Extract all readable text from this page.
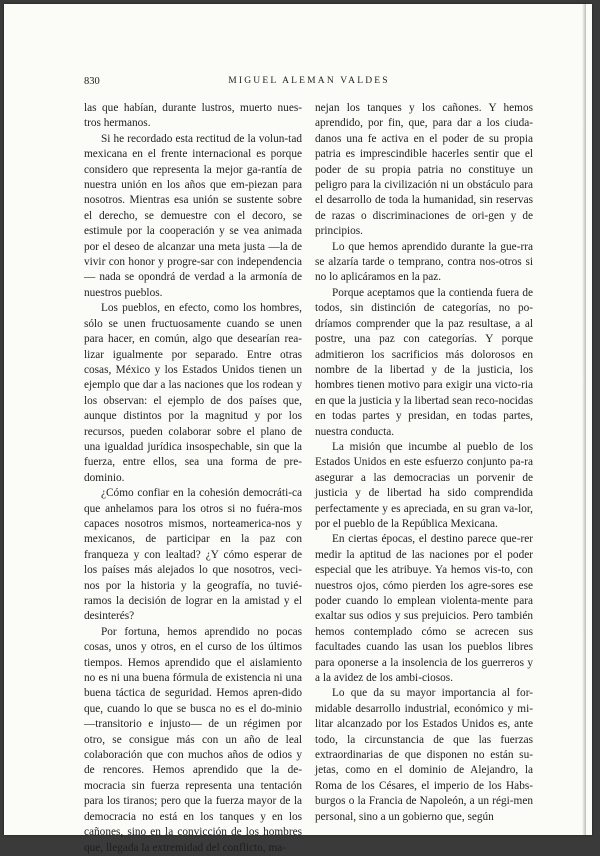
830	MIGUEL ALEMAN VALDES

las que habían, durante lustros, muerto nues-tros hermanos.

Si he recordado esta rectitud de la volun-tad mexicana en el frente internacional es porque considero que representa la mejor ga-rantía de nuestra unión en los años que em-piezan para nosotros. Mientras esa unión se sustente sobre el derecho, se demuestre con el decoro, se estimule por la cooperación y se vea animada por el deseo de alcanzar una meta justa —la de vivir con honor y progre-sar con independencia— nada se opondrá de verdad a la armonía de nuestros pueblos.

Los pueblos, en efecto, como los hombres, sólo se unen fructuosamente cuando se unen para hacer, en común, algo que desearían rea-lizar igualmente por separado. Entre otras cosas, México y los Estados Unidos tienen un ejemplo que dar a las naciones que los rodean y los observan: el ejemplo de dos países que, aunque distintos por la magnitud y por los recursos, pueden colaborar sobre el plano de una igualdad jurídica insospechable, sin que la fuerza, entre ellos, sea una forma de pre-dominio.

¿Cómo confiar en la cohesión democráti-ca que anhelamos para los otros si no fuéra-mos capaces nosotros mismos, norteamerica-nos y mexicanos, de participar en la paz con franqueza y con lealtad? ¿Y cómo esperar de los países más alejados lo que nosotros, veci-nos por la historia y la geografía, no tuvié-ramos la decisión de lograr en la amistad y el desinterés?

Por fortuna, hemos aprendido no pocas cosas, unos y otros, en el curso de los últimos tiempos. Hemos aprendido que el aislamiento no es ni una buena fórmula de existencia ni una buena táctica de seguridad. Hemos apren-dido que, cuando lo que se busca no es el do-minio —transitorio e injusto— de un régimen por otro, se consigue más con un año de leal colaboración que con muchos años de odios y de rencores. Hemos aprendido que la de-mocracia sin fuerza representa una tentación para los tiranos; pero que la fuerza mayor de la democracia no está en los tanques y en los cañones, sino en la convicción de los hombres que, llegada la extremidad del conflicto, ma-

nejan los tanques y los cañones. Y hemos aprendido, por fin, que, para dar a los ciuda-danos una fe activa en el poder de su propia patria es imprescindible hacerles sentir que el poder de su propia patria no constituye un peligro para la civilización ni un obstáculo para el desarrollo de toda la humanidad, sin reservas de razas o discriminaciones de ori-gen y de principios.

Lo que hemos aprendido durante la gue-rra se alzaría tarde o temprano, contra nos-otros si no lo aplicáramos en la paz.

Porque aceptamos que la contienda fuera de todos, sin distinción de categorías, no po-dríamos comprender que la paz resultase, a al postre, una paz con categorías. Y porque admitieron los sacrificios más dolorosos en nombre de la libertad y de la justicia, los hombres tienen motivo para exigir una victo-ria en que la justicia y la libertad sean reco-nocidas en todas partes y presidan, en todas partes, nuestra conducta.

La misión que incumbe al pueblo de los Estados Unidos en este esfuerzo conjunto pa-ra asegurar a las democracias un porvenir de justicia y de libertad ha sido comprendida perfectamente y es apreciada, en su gran va-lor, por el pueblo de la República Mexicana.

En ciertas épocas, el destino parece que-rer medir la aptitud de las naciones por el poder especial que les atribuye. Ya hemos vis-to, con nuestros ojos, cómo pierden los agre-sores ese poder cuando lo emplean violenta-mente para exaltar sus odios y sus prejuicios. Pero también hemos contemplado cómo se acrecen sus facultades cuando las usan los pueblos libres para oponerse a la insolencia de los guerreros y a la avidez de los ambi-ciosos.

Lo que da su mayor importancia al for-midable desarrollo industrial, económico y mi-litar alcanzado por los Estados Unidos es, ante todo, la circunstancia de que las fuerzas extraordinarias de que disponen no están su-jetas, como en el dominio de Alejandro, la Roma de los Césares, el imperio de los Habs-burgos o la Francia de Napoleón, a un régi-men personal, sino a un gobierno que, según
